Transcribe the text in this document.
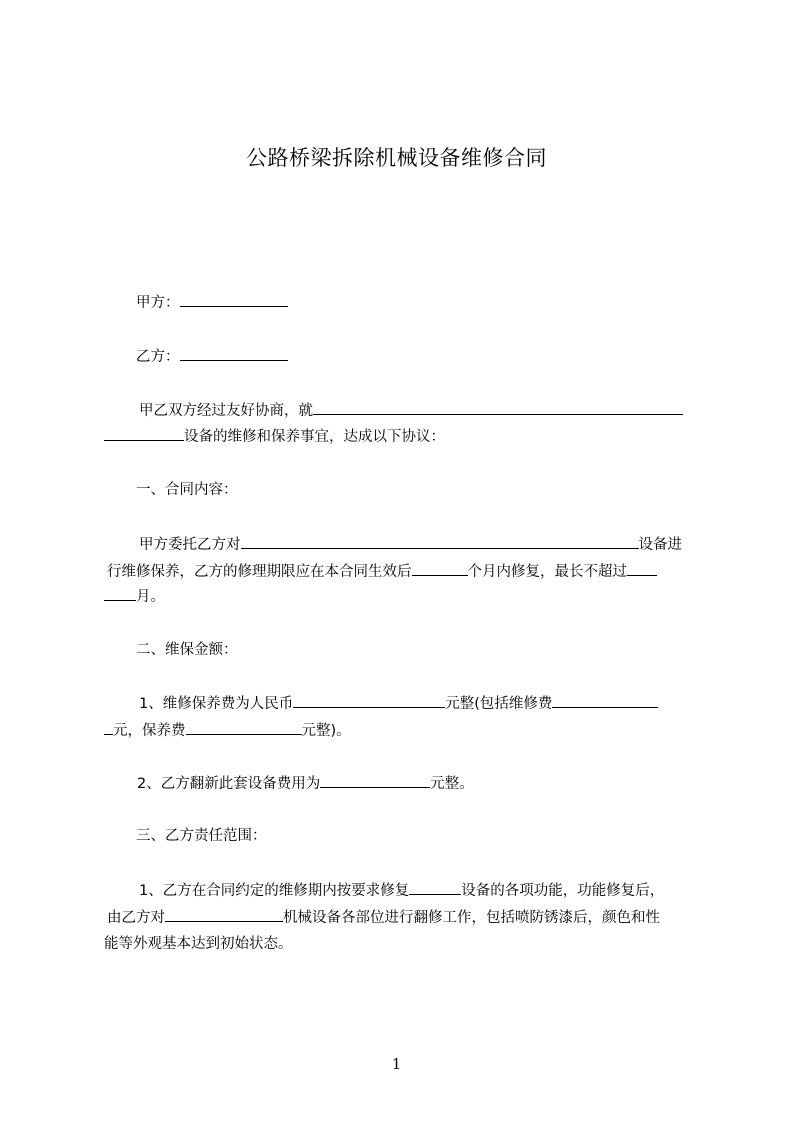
公路桥梁拆除机械设备维修合同
甲方：
乙方：
甲乙双方经过友好协商，就
设备的维修和保养事宜，达成以下协议：
一、合同内容：
甲方委托乙方对	设备进
行维修保养，乙方的修理期限应在本合同生效后	个月内修复，最长不超过
月。
二、维保金额：
1、维修保养费为人民币	元整(包括维修费
元，保养费	元整)。
2、乙方翻新此套设备费用为	元整。
三、乙方责任范围：
1、乙方在合同约定的维修期内按要求修复	设备的各项功能，功能修复后，
由乙方对	机械设备各部位进行翻修工作，包括喷防锈漆后，颜色和性
能等外观基本达到初始状态。
1
